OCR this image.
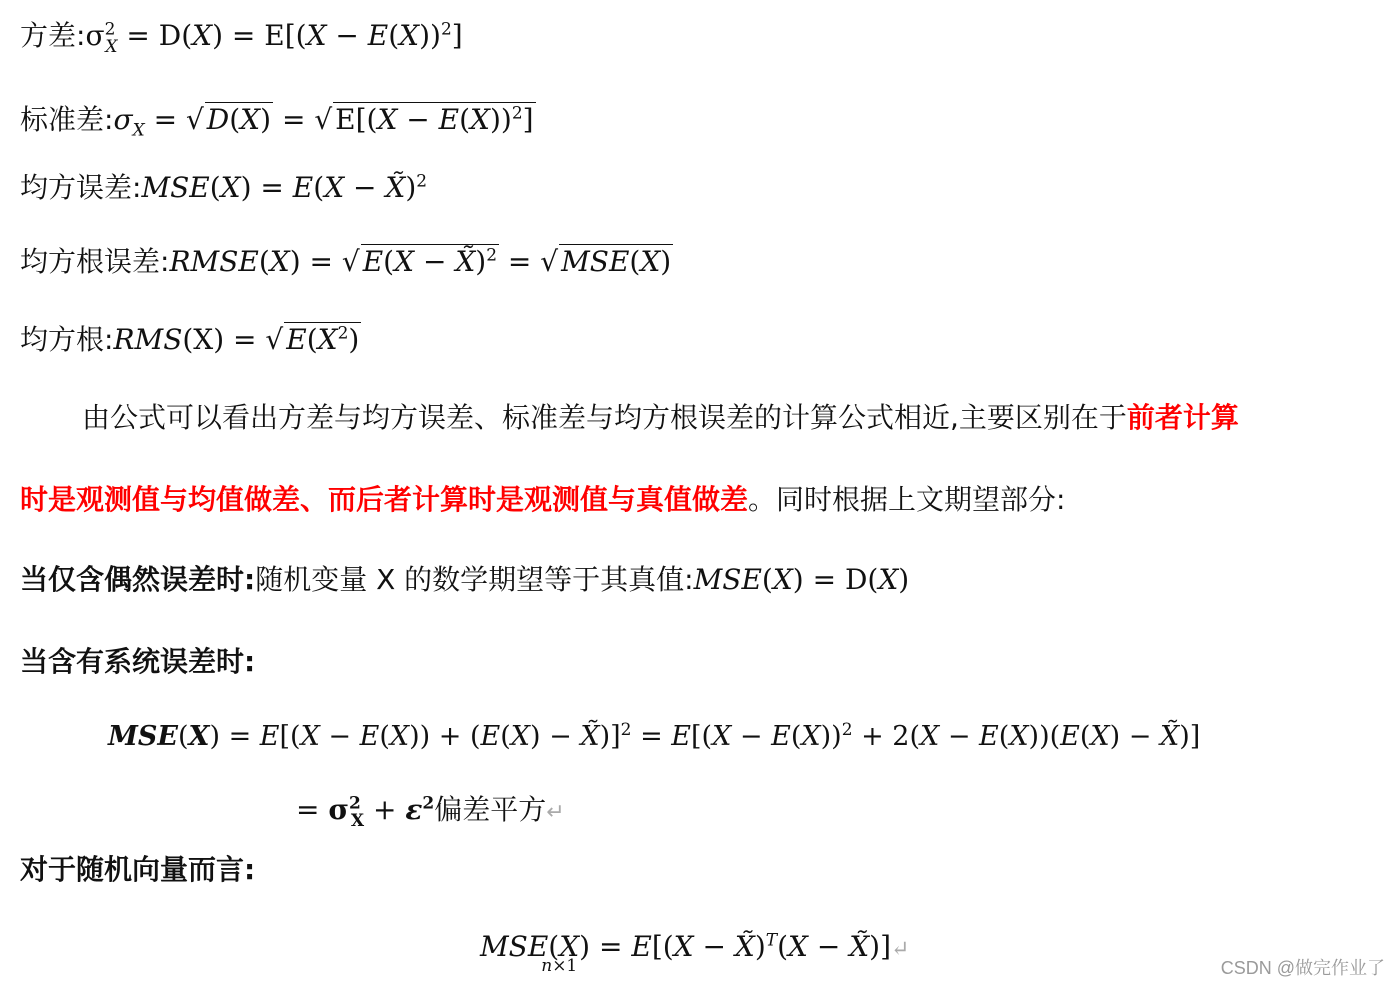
方差$:\sigma^2_X = D(X) = E[(X - E(X))^2]$
标准差$:\sigma_X$ = √ D(X) = √ $E[(X - E(X))^2]$
均方误差:MSE(X) = E(X − X̃)$^2$
均方根误差:RMSE(X) = √ E(X − X̃)$^2$ = √ MSE(X)
均方根:RMS(X) = √ $E(X^2)$
由公式可以看出方差与均方误差、标准差与均方根误差的计算公式相近,主要区别在于前者计算
时是观测值与均值做差、而后者计算时是观测值与真值做差。同时根据上文期望部分:
当仅含偶然误差时:随机变量 X 的数学期望等于其真值:MSE(X) = D(X)
当含有系统误差时:
MSE(X) = E[(X − E(X)) + (E(X) − X̃)]$^2$ = $E[(X - E(X))^2 + 2(X - E(X))(E(X)$ − X̃)]
= $\sigma^2_X + \varepsilon^2$偏差平方↵
对于随机向量而言:
MSE(X
n×1
) = E[(X − X̃)$^T$(X − X̃)]↵
CSDN @做完作业了
